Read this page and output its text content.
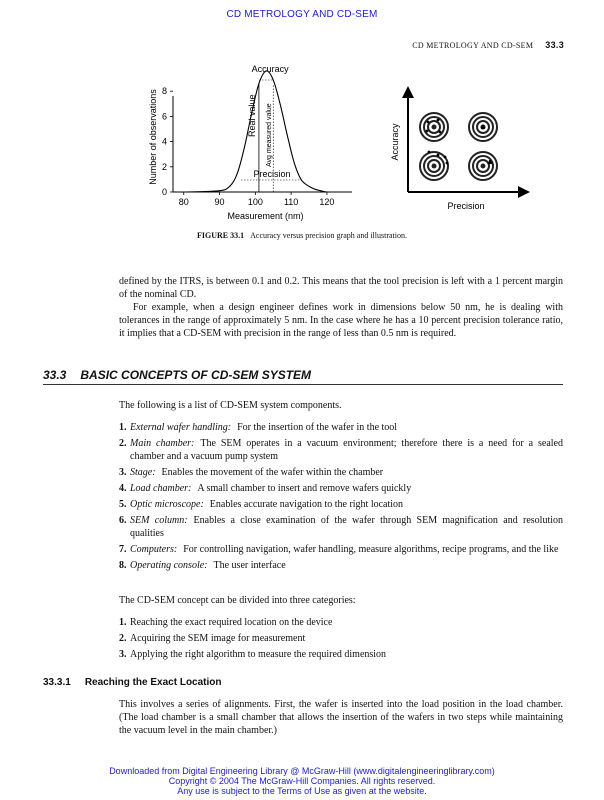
CD METROLOGY AND CD-SEM
CD METROLOGY AND CD-SEM 33.3
80	90	100 110 120
0
2
4
6
8
Accuracy
Real value Avg measured value
Precision
Measurement (nm)
Number of observations	Accuracy
Precision
FIGURE 33.1 Accuracy versus precision graph and illustration.
defined by the ITRS, is between 0.1 and 0.2. This means that the tool precision is left with a 1 percent margin of the nominal CD.
For example, when a design engineer defines work in dimensions below 50 nm, he is dealing with tolerances in the range of approximately 5 nm. In the case where he has a 10 percent precision tolerance ratio, it implies that a CD-SEM with precision in the range of less than 0.5 nm is required.
33.3 BASIC CONCEPTS OF CD-SEM SYSTEM
The following is a list of CD-SEM system components.
1. External wafer handling: For the insertion of the wafer in the tool
2. Main chamber: The SEM operates in a vacuum environment; therefore there is a need for a sealed chamber and a vacuum pump system
3. Stage: Enables the movement of the wafer within the chamber
4. Load chamber: A small chamber to insert and remove wafers quickly
5. Optic microscope: Enables accurate navigation to the right location
6. SEM column: Enables a close examination of the wafer through SEM magnification and resolution qualities
7. Computers: For controlling navigation, wafer handling, measure algorithms, recipe programs, and the like
8. Operating console: The user interface
The CD-SEM concept can be divided into three categories:
1. Reaching the exact required location on the device
2. Acquiring the SEM image for measurement
3. Applying the right algorithm to measure the required dimension
33.3.1 Reaching the Exact Location
This involves a series of alignments. First, the wafer is inserted into the load position in the load chamber. (The load chamber is a small chamber that allows the insertion of the wafers in two steps while maintaining the vacuum level in the main chamber.)
Downloaded from Digital Engineering Library @ McGraw-Hill (www.digitalengineeringlibrary.com)
Copyright © 2004 The McGraw-Hill Companies. All rights reserved.
Any use is subject to the Terms of Use as given at the website.
